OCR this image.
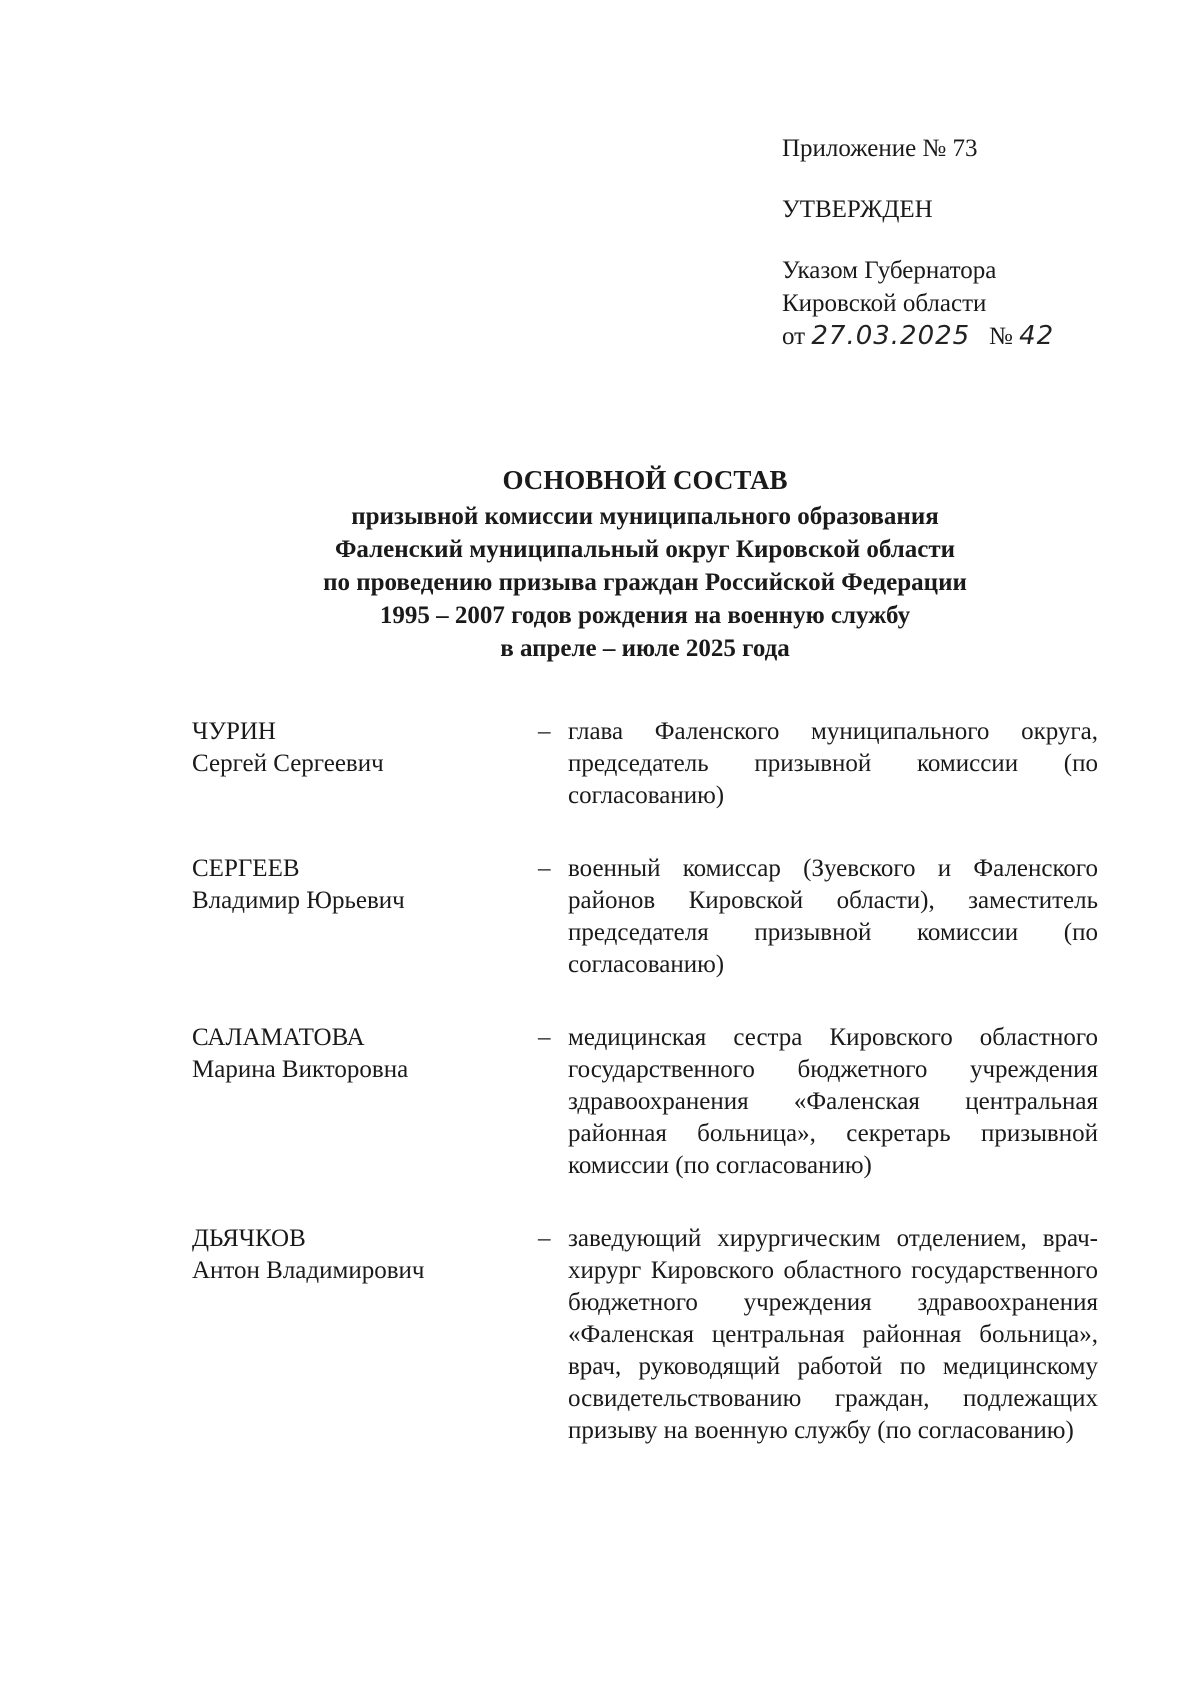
Приложение № 73
УТВЕРЖДЕН
Указом Губернатора
Кировской области
от 27.03.2025 № 42
ОСНОВНОЙ СОСТАВ
призывной комиссии муниципального образования
Фаленский муниципальный округ Кировской области
по проведению призыва граждан Российской Федерации
1995 – 2007 годов рождения на военную службу
в апреле – июле 2025 года
ЧУРИН
Сергей Сергеевич
– глава Фаленского муниципального округа, председатель призывной комиссии (по согласованию)
СЕРГЕЕВ
Владимир Юрьевич
– военный комиссар (Зуевского и Фаленского районов Кировской области), заместитель председателя призывной комиссии (по согласованию)
САЛАМАТОВА
Марина Викторовна
– медицинская сестра Кировского областного государственного бюджетного учреждения здравоохранения «Фаленская центральная районная больница», секретарь призывной комиссии (по согласованию)
ДЬЯЧКОВ
Антон Владимирович
– заведующий хирургическим отделением, врач-хирург Кировского областного государственного бюджетного учреждения здравоохранения «Фаленская центральная районная больница», врач, руководящий работой по медицинскому освидетельствованию граждан, подлежащих призыву на военную службу (по согласованию)
